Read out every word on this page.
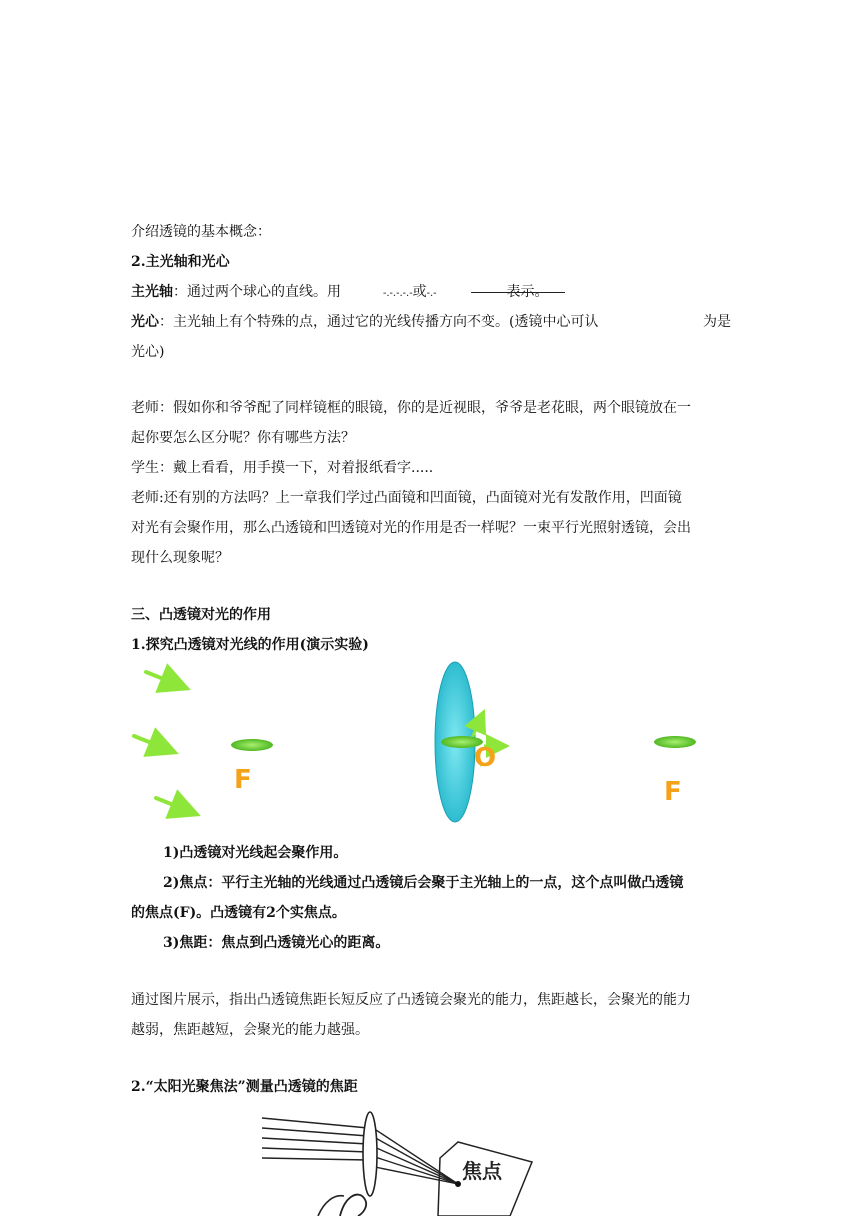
介绍透镜的基本概念：
2.主光轴和光心
主光轴：通过两个球心的直线。用	-.-.-.-.-或-.-	表示。
光心：主光轴上有个特殊的点，通过它的光线传播方向不变。(透镜中心可认	为是
光心)
老师：假如你和爷爷配了同样镜框的眼镜，你的是近视眼，爷爷是老花眼，两个眼镜放在一
起你要怎么区分呢？你有哪些方法？
学生：戴上看看，用手摸一下，对着报纸看字.....
老师:还有别的方法吗？上一章我们学过凸面镜和凹面镜，凸面镜对光有发散作用，凹面镜
对光有会聚作用，那么凸透镜和凹透镜对光的作用是否一样呢？一束平行光照射透镜，会出
现什么现象呢？
三、凸透镜对光的作用
1.探究凸透镜对光线的作用(演示实验)
F
O
F
1)凸透镜对光线起会聚作用。
2)焦点：平行主光轴的光线通过凸透镜后会聚于主光轴上的一点，这个点叫做凸透镜
的焦点(F)。凸透镜有2个实焦点。
3)焦距：焦点到凸透镜光心的距离。
通过图片展示，指出凸透镜焦距长短反应了凸透镜会聚光的能力，焦距越长，会聚光的能力
越弱，焦距越短，会聚光的能力越强。
2.“太阳光聚焦法”测量凸透镜的焦距
焦点
